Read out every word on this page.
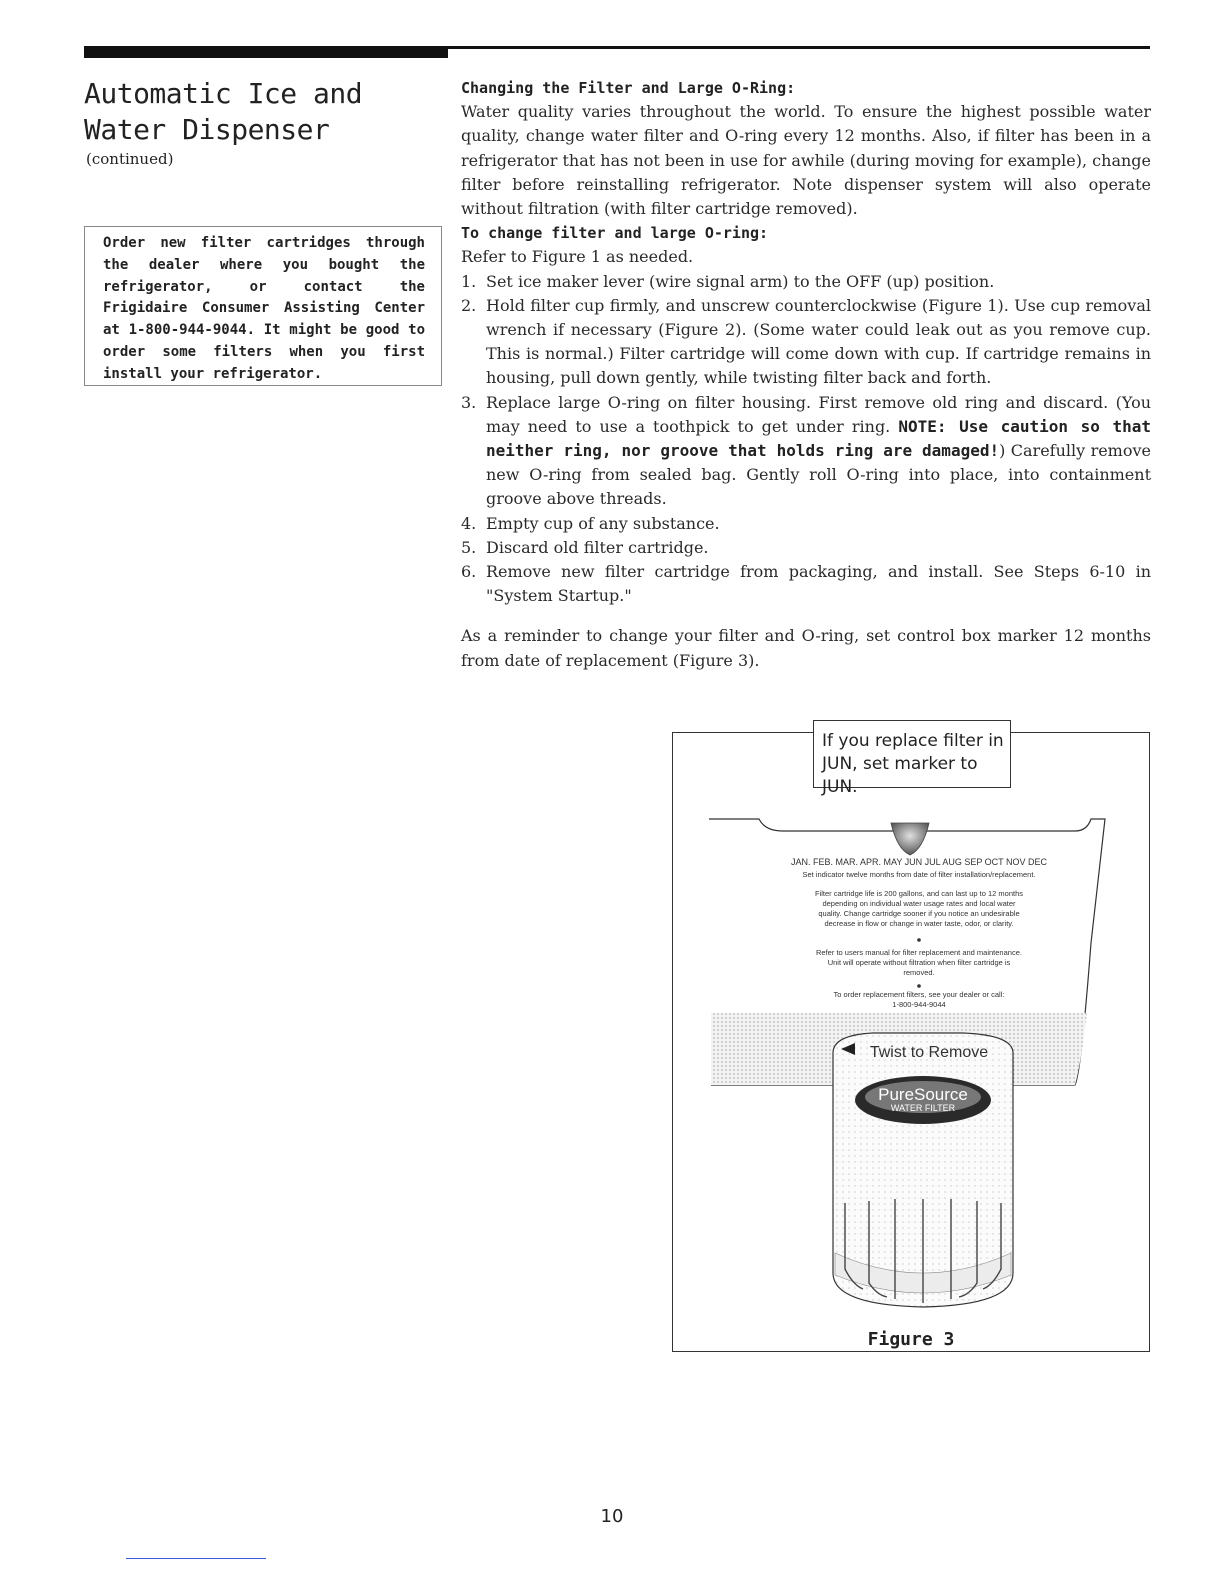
Automatic Ice and
Water Dispenser
(continued)
Order new filter cartridges through the dealer where you bought the refrigerator, or contact the Frigidaire Consumer Assisting Center at 1-800-944-9044. It might be good to order some filters when you first install your refrigerator.

Changing the Filter and Large O-Ring:

Water quality varies throughout the world. To ensure the highest possible water quality, change water filter and O-ring every 12 months. Also, if filter has been in a refrigerator that has not been in use for awhile (during moving for example), change filter before reinstalling refrigerator. Note dispenser system will also operate without filtration (with filter cartridge removed).

To change filter and large O-ring:

Refer to Figure 1 as needed.

1. Set ice maker lever (wire signal arm) to the OFF (up) position.
2. Hold filter cup firmly, and unscrew counterclockwise (Figure 1). Use cup removal wrench if necessary (Figure 2). (Some water could leak out as you remove cup. This is normal.) Filter cartridge will come down with cup. If cartridge remains in housing, pull down gently, while twisting filter back and forth.
3. Replace large O-ring on filter housing. First remove old ring and discard. (You may need to use a toothpick to get under ring. NOTE: Use caution so that neither ring, nor groove that holds ring are damaged!) Carefully remove new O-ring from sealed bag. Gently roll O-ring into place, into containment groove above threads.
4. Empty cup of any substance.
5. Discard old filter cartridge.
6. Remove new filter cartridge from packaging, and install. See Steps 6-10 in "System Startup."

As a reminder to change your filter and O-ring, set control box marker 12 months from date of replacement (Figure 3).

JAN. FEB. MAR. APR. MAY JUN JUL AUG SEP OCT NOV DEC
Set indicator twelve months from date of filter installation/replacement.
Filter cartridge life is 200 gallons, and can last up to 12 months
depending on individual water usage rates and local water
quality. Change cartridge sooner if you notice an undesirable
decrease in flow or change in water taste, odor, or clarity.
Refer to users manual for filter replacement and maintenance.
Unit will operate without filtration when filter cartridge is
removed.
To order replacement filters, see your dealer or call:
1-800-944-9044
Twist to Remove
PureSource
WATER FILTER
If you replace filter in
JUN, set marker to JUN.
Figure 3
10
